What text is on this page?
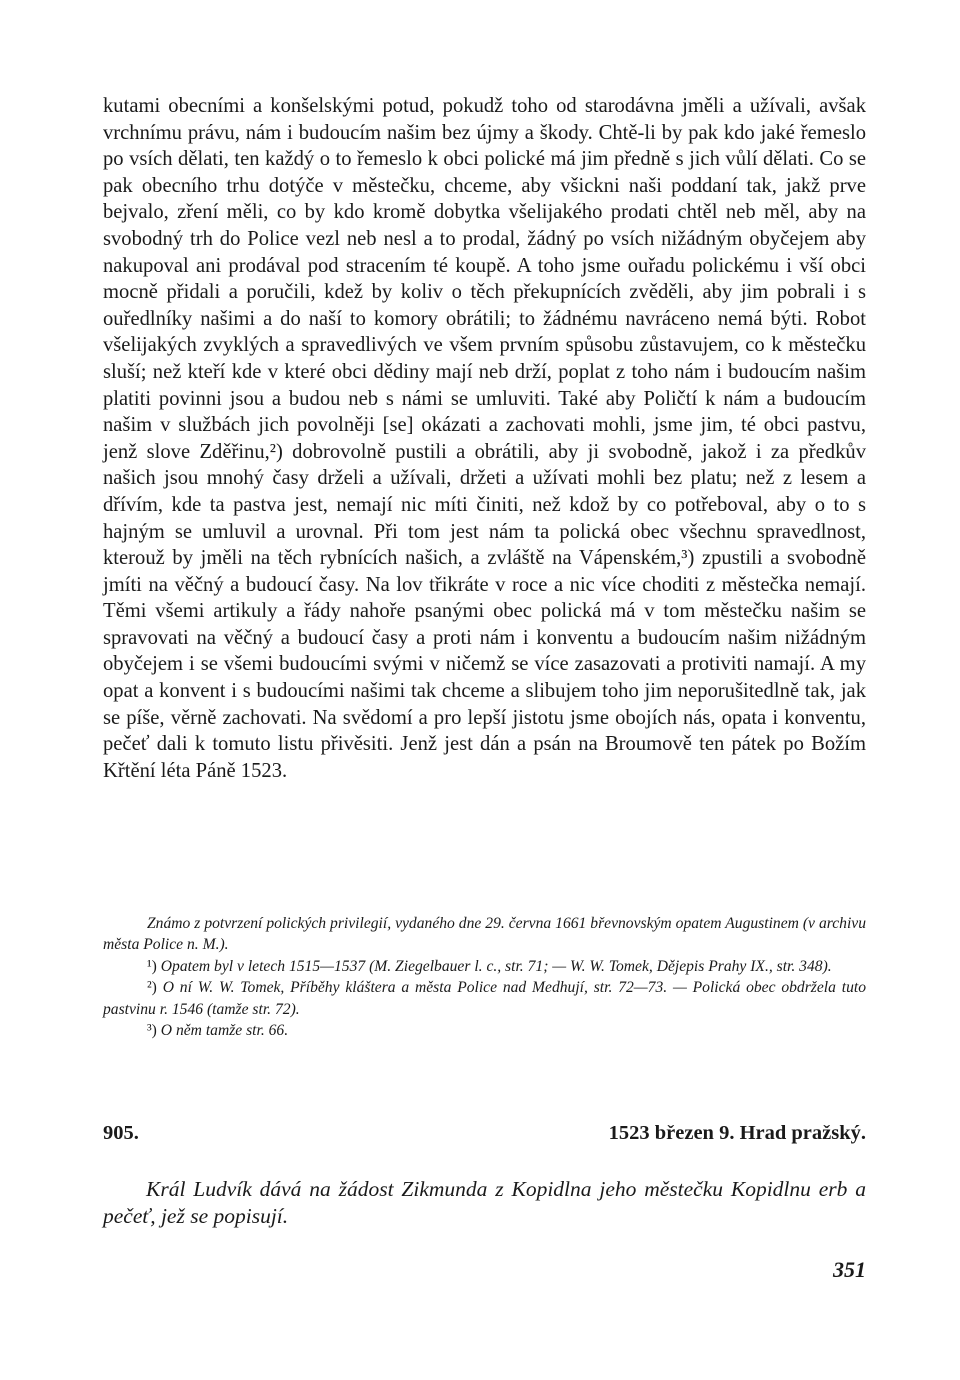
kutami obecními a konšelskými potud, pokudž toho od starodávna jměli a užívali, avšak vrchnímu právu, nám i budoucím našim bez újmy a škody. Chtě-li by pak kdo jaké řemeslo po vsích dělati, ten každý o to řemeslo k obci polické má jim předně s jich vůlí dělati. Co se pak obecního trhu dotýče v městečku, chceme, aby všickni naši poddaní tak, jakž prve bejvalo, zření měli, co by kdo kromě dobytka všelijakého prodati chtěl neb měl, aby na svobodný trh do Police vezl neb nesl a to prodal, žádný po vsích nižádným obyčejem aby nakupoval ani prodával pod stracením té koupě. A toho jsme ouřadu polickému i vší obci mocně přidali a poručili, kdež by koliv o těch překupnících zvěděli, aby jim pobrali i s ouředlníky našimi a do naší to komory obrátili; to žádnému navráceno nemá býti. Robot všelijakých zvyklých a spravedlivých ve všem prvním spůsobu zůstavujem, co k městečku sluší; než kteří kde v které obci dědiny mají neb drží, poplat z toho nám i budoucím našim platiti povinni jsou a budou neb s námi se umluviti. Také aby Poličtí k nám a budoucím našim v službách jich povolněji [se] okázati a zachovati mohli, jsme jim, té obci pastvu, jenž slove Zděřinu,²) dobrovolně pustili a obrátili, aby ji svobodně, jakož i za předkův našich jsou mnohý časy drželi a užívali, držeti a užívati mohli bez platu; než z lesem a dřívím, kde ta pastva jest, nemají nic míti činiti, než kdož by co potřeboval, aby o to s hajným se umluvil a urovnal. Při tom jest nám ta polická obec všechnu spravedlnost, kterouž by jměli na těch rybnících našich, a zvláště na Vápenském,³) zpustili a svobodně jmíti na věčný a budoucí časy. Na lov třikráte v roce a nic více choditi z městečka nemají. Těmi všemi artikuly a řády nahoře psanými obec polická má v tom městečku našim se spravovati na věčný a budoucí časy a proti nám i konventu a budoucím našim nižádným obyčejem i se všemi budoucími svými v ničemž se více zasazovati a protiviti namají. A my opat a konvent i s budoucími našimi tak chceme a slibujem toho jim neporušitedlně tak, jak se píše, věrně zachovati. Na svědomí a pro lepší jistotu jsme obojích nás, opata i konventu, pečeť dali k tomuto listu přivěsiti. Jenž jest dán a psán na Broumově ten pátek po Božím Křtění léta Páně 1523.

Známo z potvrzení polických privilegií, vydaného dne 29. června 1661 břevnovským opatem Augustinem (v archivu města Police n. M.).

¹) Opatem byl v letech 1515—1537 (M. Ziegelbauer l. c., str. 71; — W. W. Tomek, Dějepis Prahy IX., str. 348).

²) O ní W. W. Tomek, Příběhy kláštera a města Police nad Medhují, str. 72—73. — Polická obec obdržela tuto pastvinu r. 1546 (tamže str. 72).

³) O něm tamže str. 66.

905.	1523 březen 9. Hrad pražský.

Král Ludvík dává na žádost Zikmunda z Kopidlna jeho městečku Kopidlnu erb a pečeť, jež se popisují.

351
